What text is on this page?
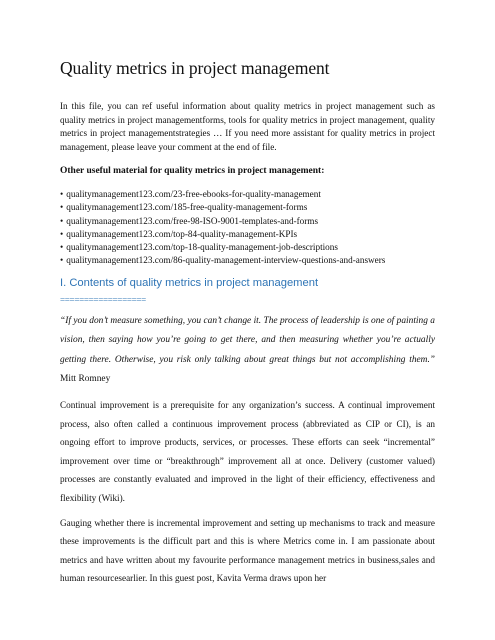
Quality metrics in project management

In this file, you can ref useful information about quality metrics in project management such as quality metrics in project managementforms, tools for quality metrics in project management, quality metrics in project managementstrategies … If you need more assistant for quality metrics in project management, please leave your comment at the end of file.

Other useful material for quality metrics in project management:

• qualitymanagement123.com/23-free-ebooks-for-quality-management
• qualitymanagement123.com/185-free-quality-management-forms
• qualitymanagement123.com/free-98-ISO-9001-templates-and-forms
• qualitymanagement123.com/top-84-quality-management-KPIs
• qualitymanagement123.com/top-18-quality-management-job-descriptions
• qualitymanagement123.com/86-quality-management-interview-questions-and-answers
I. Contents of quality metrics in project management
==================

“If you don’t measure something, you can’t change it. The process of leadership is one of painting a vision, then saying how you’re going to get there, and then measuring whether you’re actually getting there. Otherwise, you risk only talking about great things but not accomplishing them.” Mitt Romney

Continual improvement is a prerequisite for any organization’s success. A continual improvement process, also often called a continuous improvement process (abbreviated as CIP or CI), is an ongoing effort to improve products, services, or processes. These efforts can seek “incremental” improvement over time or “breakthrough” improvement all at once. Delivery (customer valued) processes are constantly evaluated and improved in the light of their efficiency, effectiveness and flexibility (Wiki).

Gauging whether there is incremental improvement and setting up mechanisms to track and measure these improvements is the difficult part and this is where Metrics come in. I am passionate about metrics and have written about my favourite performance management metrics in business,sales and human resourcesearlier. In this guest post, Kavita Verma draws upon her
